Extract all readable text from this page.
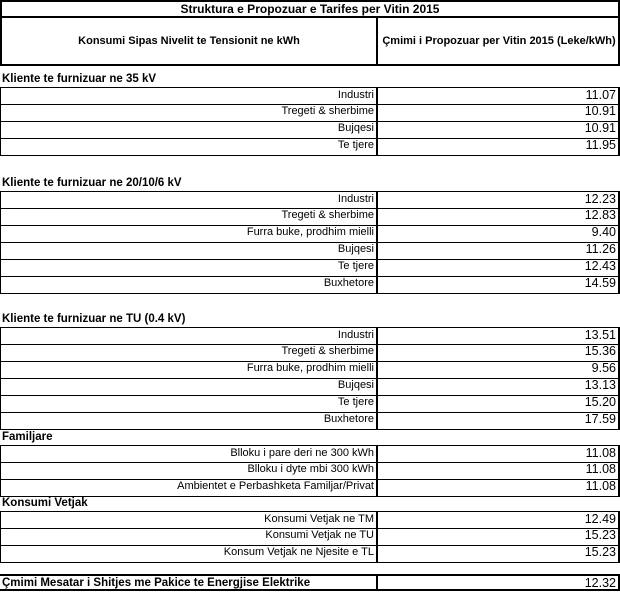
Struktura e Propozuar e Tarifes per Vitin 2015
Konsumi Sipas Nivelit te Tensionit ne kWh	Çmimi i Propozuar per Vitin 2015 (Leke/kWh)
Kliente te furnizuar ne 35 kV
Industri	11.07
Tregeti & sherbime	10.91
Bujqesi	10.91
Te tjere	11.95
Kliente te furnizuar ne 20/10/6 kV
Industri	12.23
Tregeti & sherbime	12.83
Furra buke, prodhim mielli	9.40
Bujqesi	11.26
Te tjere	12.43
Buxhetore	14.59
Kliente te furnizuar ne TU (0.4 kV)
Industri	13.51
Tregeti & sherbime	15.36
Furra buke, prodhim mielli	9.56
Bujqesi	13.13
Te tjere	15.20
Buxhetore	17.59
Familjare
Blloku i pare deri ne 300 kWh	11.08
Blloku i dyte mbi 300 kWh	11.08
Ambientet e Perbashketa Familjar/Privat	11.08
Konsumi Vetjak
Konsumi Vetjak ne TM	12.49
Konsumi Vetjak ne TU	15.23
Konsum Vetjak ne Njesite e TL	15.23
Çmimi Mesatar i Shitjes me Pakice te Energjise Elektrike	12.32
